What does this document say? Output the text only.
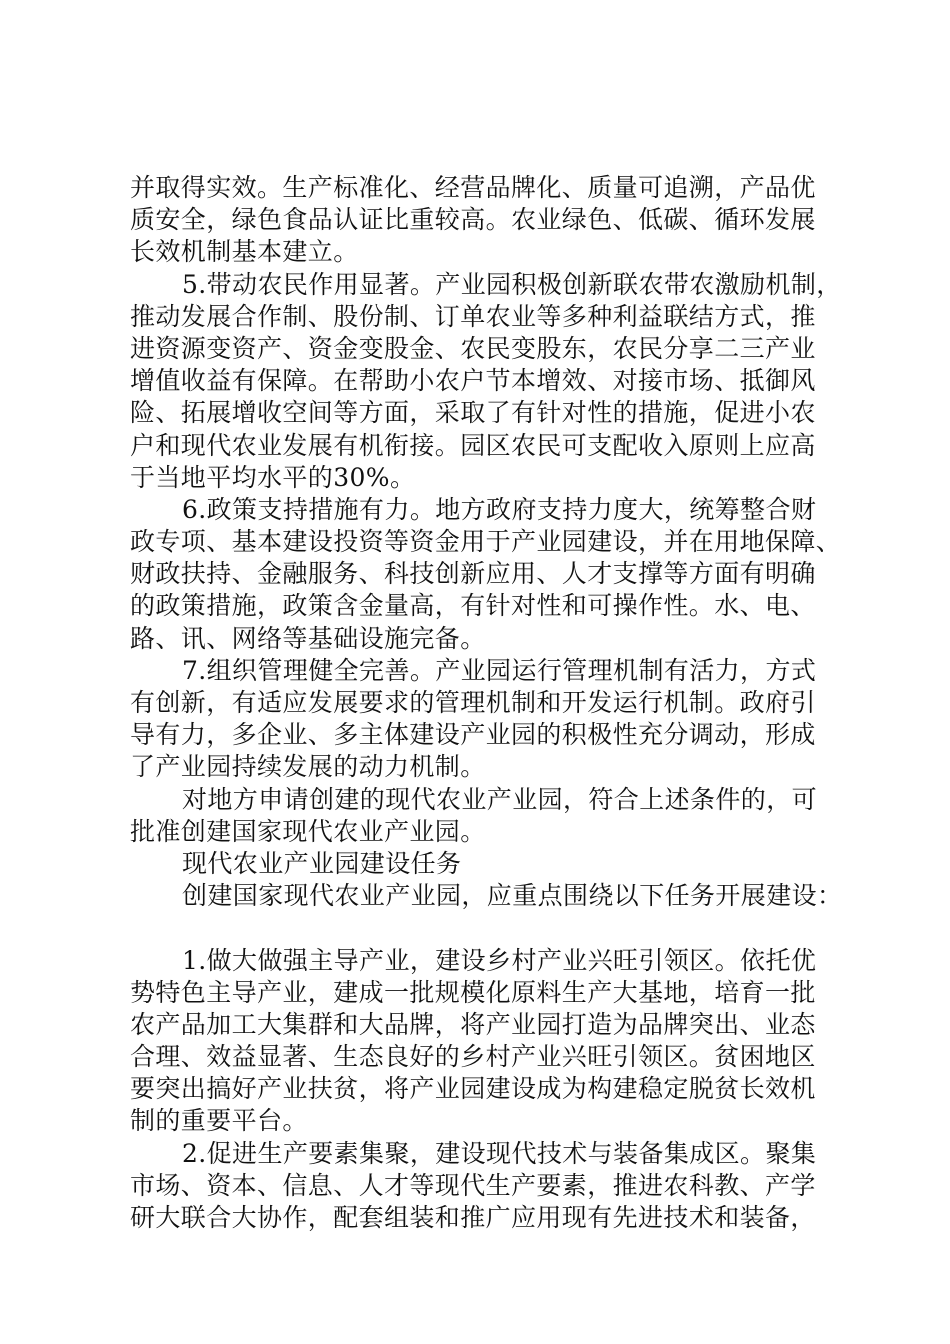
并取得实效。生产标准化、经营品牌化、质量可追溯，产品优
质安全，绿色食品认证比重较高。农业绿色、低碳、循环发展
长效机制基本建立。
5.带动农民作用显著。产业园积极创新联农带农激励机制，
推动发展合作制、股份制、订单农业等多种利益联结方式，推
进资源变资产、资金变股金、农民变股东，农民分享二三产业
增值收益有保障。在帮助小农户节本增效、对接市场、抵御风
险、拓展增收空间等方面，采取了有针对性的措施，促进小农
户和现代农业发展有机衔接。园区农民可支配收入原则上应高
于当地平均水平的30%。
6.政策支持措施有力。地方政府支持力度大，统筹整合财
政专项、基本建设投资等资金用于产业园建设，并在用地保障、
财政扶持、金融服务、科技创新应用、人才支撑等方面有明确
的政策措施，政策含金量高，有针对性和可操作性。水、电、
路、讯、网络等基础设施完备。
7.组织管理健全完善。产业园运行管理机制有活力，方式
有创新，有适应发展要求的管理机制和开发运行机制。政府引
导有力，多企业、多主体建设产业园的积极性充分调动，形成
了产业园持续发展的动力机制。
对地方申请创建的现代农业产业园，符合上述条件的，可
批准创建国家现代农业产业园。
现代农业产业园建设任务
创建国家现代农业产业园，应重点围绕以下任务开展建设：
1.做大做强主导产业，建设乡村产业兴旺引领区。依托优
势特色主导产业，建成一批规模化原料生产大基地，培育一批
农产品加工大集群和大品牌，将产业园打造为品牌突出、业态
合理、效益显著、生态良好的乡村产业兴旺引领区。贫困地区
要突出搞好产业扶贫，将产业园建设成为构建稳定脱贫长效机
制的重要平台。
2.促进生产要素集聚，建设现代技术与装备集成区。聚集
市场、资本、信息、人才等现代生产要素，推进农科教、产学
研大联合大协作，配套组装和推广应用现有先进技术和装备，
